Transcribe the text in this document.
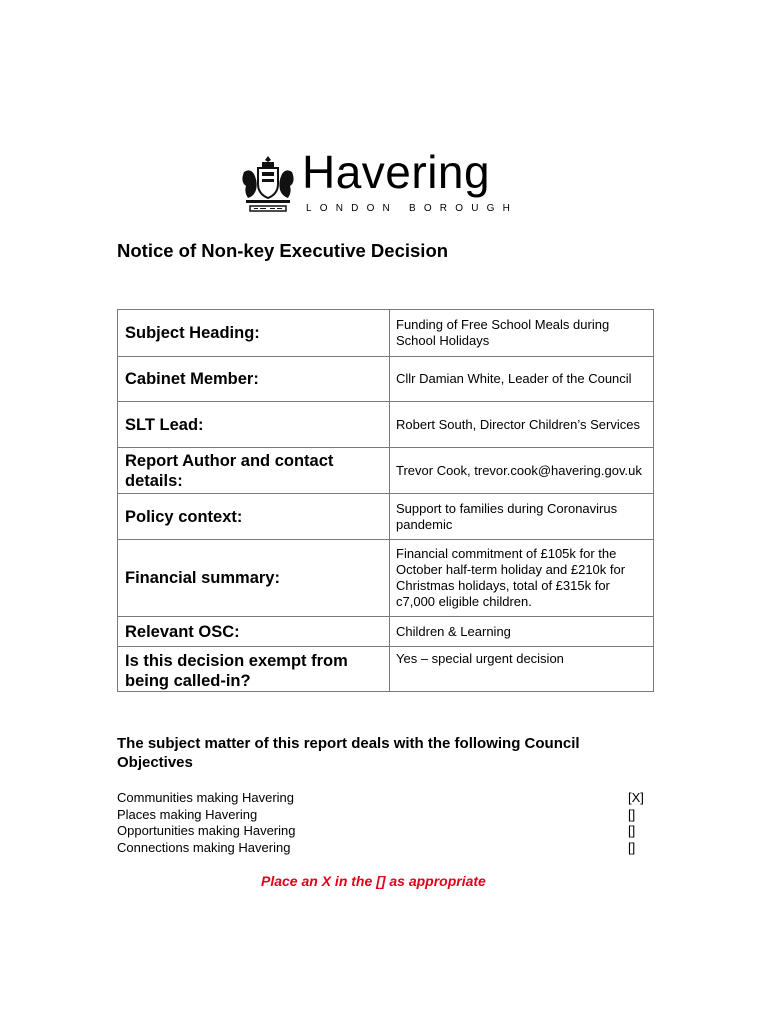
Havering
LONDON BOROUGH
Notice of Non-key Executive Decision
Subject Heading:	Funding of Free School Meals during School Holidays
Cabinet Member:	Cllr Damian White, Leader of the Council
SLT Lead:	Robert South, Director Children’s Services
Report Author and contact details:	Trevor Cook, trevor.cook@havering.gov.uk
Policy context:	Support to families during Coronavirus pandemic
Financial summary:	Financial commitment of £105k for the October half-term holiday and £210k for Christmas holidays, total of £315k for c7,000 eligible children.
Relevant OSC:	Children & Learning
Is this decision exempt from being called-in?	Yes – special urgent decision
The subject matter of this report deals with the following Council Objectives
Communities making Havering	[X]
Places making Havering	[]
Opportunities making Havering	[]
Connections making Havering	[]
Place an X in the [] as appropriate
